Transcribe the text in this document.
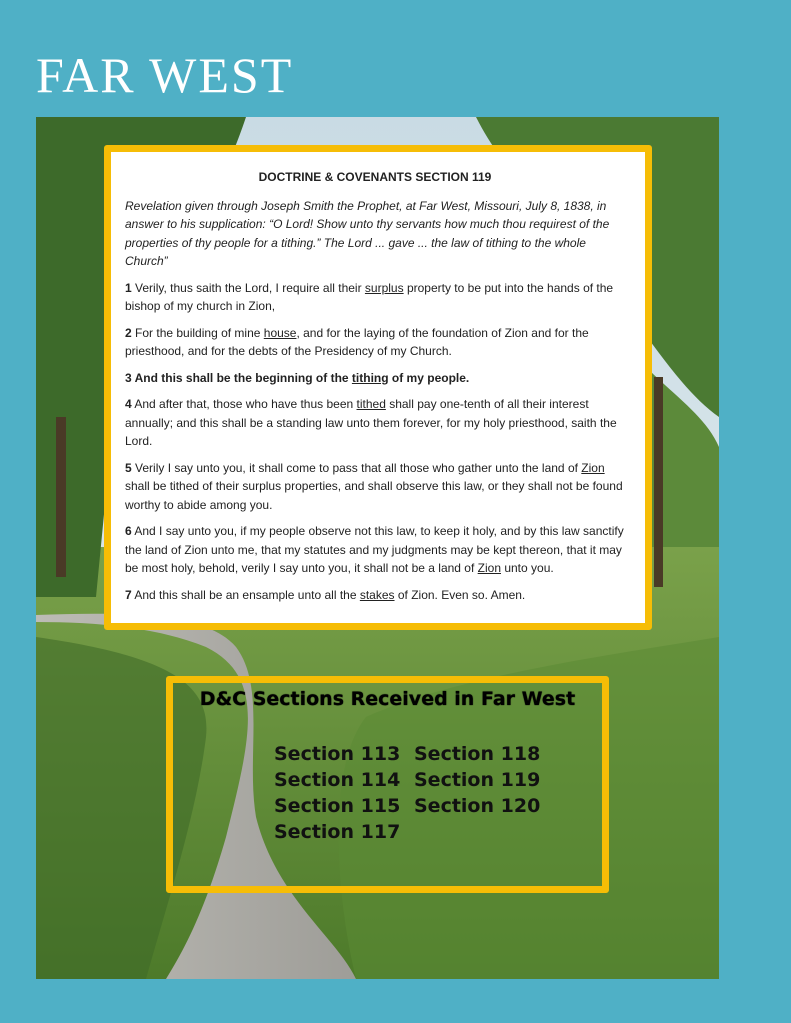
FAR WEST
DOCTRINE & COVENANTS SECTION 119

Revelation given through Joseph Smith the Prophet, at Far West, Missouri, July 8, 1838, in answer to his supplication: “O Lord! Show unto thy servants how much thou requirest of the properties of thy people for a tithing.” The Lord ... gave ... the law of tithing to the whole Church”

1 Verily, thus saith the Lord, I require all their surplus property to be put into the hands of the bishop of my church in Zion,

2 For the building of mine house, and for the laying of the foundation of Zion and for the priesthood, and for the debts of the Presidency of my Church.

3 And this shall be the beginning of the tithing of my people.

4 And after that, those who have thus been tithed shall pay one-tenth of all their interest annually; and this shall be a standing law unto them forever, for my holy priesthood, saith the Lord.

5 Verily I say unto you, it shall come to pass that all those who gather unto the land of Zion shall be tithed of their surplus properties, and shall observe this law, or they shall not be found worthy to abide among you.

6 And I say unto you, if my people observe not this law, to keep it holy, and by this law sanctify the land of Zion unto me, that my statutes and my judgments may be kept thereon, that it may be most holy, behold, verily I say unto you, it shall not be a land of Zion unto you.

7 And this shall be an ensample unto all the stakes of Zion. Even so. Amen.

D&C Sections Received in Far West
Section 113 Section 118
Section 114 Section 119
Section 115 Section 120
Section 117
